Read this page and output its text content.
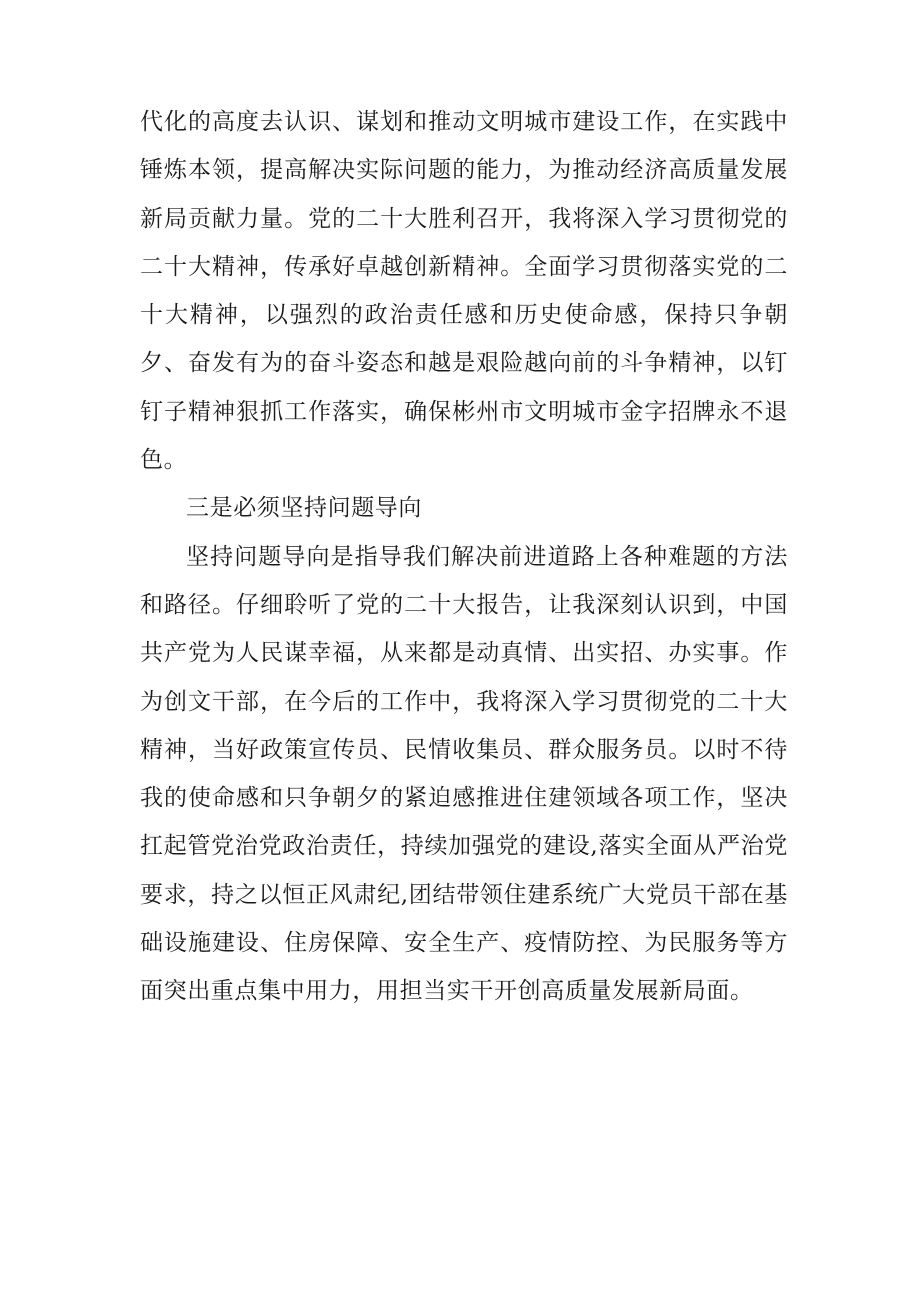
代化的高度去认识、谋划和推动文明城市建设工作，在实践中锤炼本领，提高解决实际问题的能力，为推动经济高质量发展新局贡献力量。党的二十大胜利召开，我将深入学习贯彻党的二十大精神，传承好卓越创新精神。全面学习贯彻落实党的二十大精神，以强烈的政治责任感和历史使命感，保持只争朝夕、奋发有为的奋斗姿态和越是艰险越向前的斗争精神，以钉钉子精神狠抓工作落实，确保彬州市文明城市金字招牌永不退色。

三是必须坚持问题导向

坚持问题导向是指导我们解决前进道路上各种难题的方法和路径。仔细聆听了党的二十大报告，让我深刻认识到，中国共产党为人民谋幸福，从来都是动真情、出实招、办实事。作为创文干部，在今后的工作中，我将深入学习贯彻党的二十大精神，当好政策宣传员、民情收集员、群众服务员。以时不待我的使命感和只争朝夕的紧迫感推进住建领域各项工作，坚决扛起管党治党政治责任，持续加强党的建设,落实全面从严治党要求，持之以恒正风肃纪,团结带领住建系统广大党员干部在基础设施建设、住房保障、安全生产、疫情防控、为民服务等方面突出重点集中用力，用担当实干开创高质量发展新局面。
